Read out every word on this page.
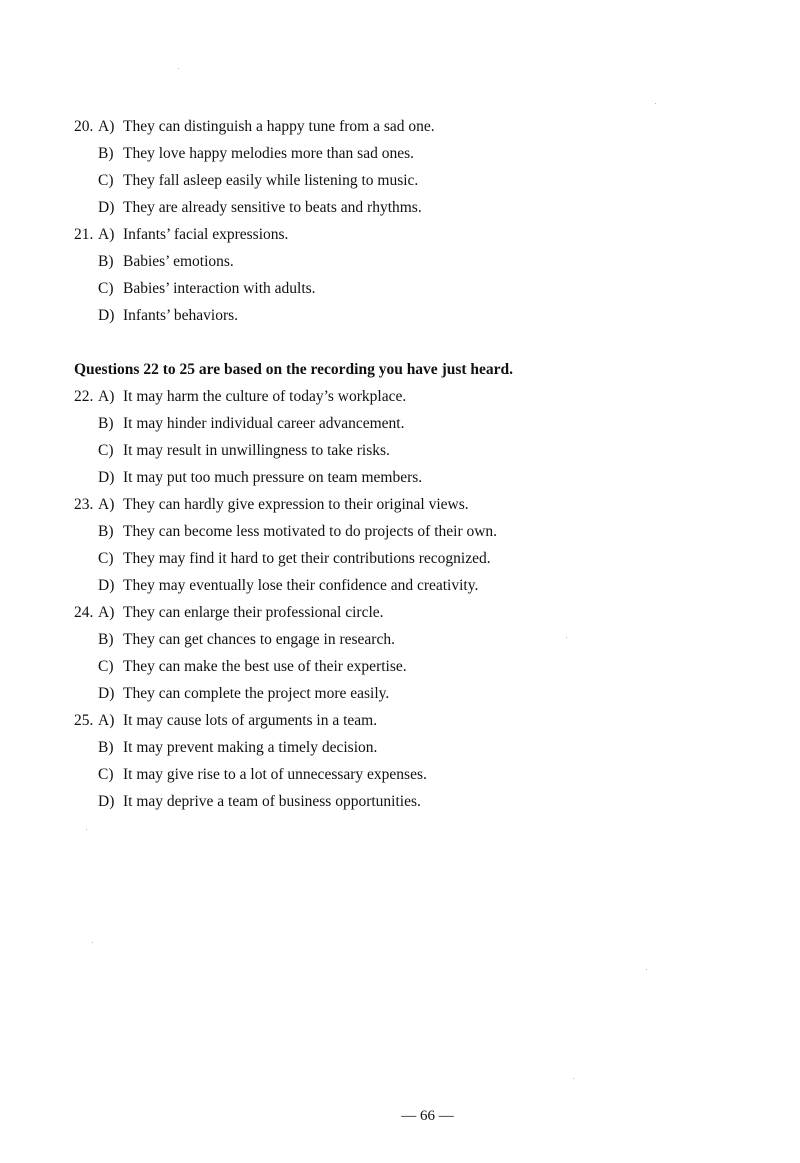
20. A) They can distinguish a happy tune from a sad one.
B) They love happy melodies more than sad ones.
C) They fall asleep easily while listening to music.
D) They are already sensitive to beats and rhythms.
21. A) Infants’ facial expressions.
B) Babies’ emotions.
C) Babies’ interaction with adults.
D) Infants’ behaviors.
Questions 22 to 25 are based on the recording you have just heard.
22. A) It may harm the culture of today’s workplace.
B) It may hinder individual career advancement.
C) It may result in unwillingness to take risks.
D) It may put too much pressure on team members.
23. A) They can hardly give expression to their original views.
B) They can become less motivated to do projects of their own.
C) They may find it hard to get their contributions recognized.
D) They may eventually lose their confidence and creativity.
24. A) They can enlarge their professional circle.
B) They can get chances to engage in research.
C) They can make the best use of their expertise.
D) They can complete the project more easily.
25. A) It may cause lots of arguments in a team.
B) It may prevent making a timely decision.
C) It may give rise to a lot of unnecessary expenses.
D) It may deprive a team of business opportunities.
— 66 —
